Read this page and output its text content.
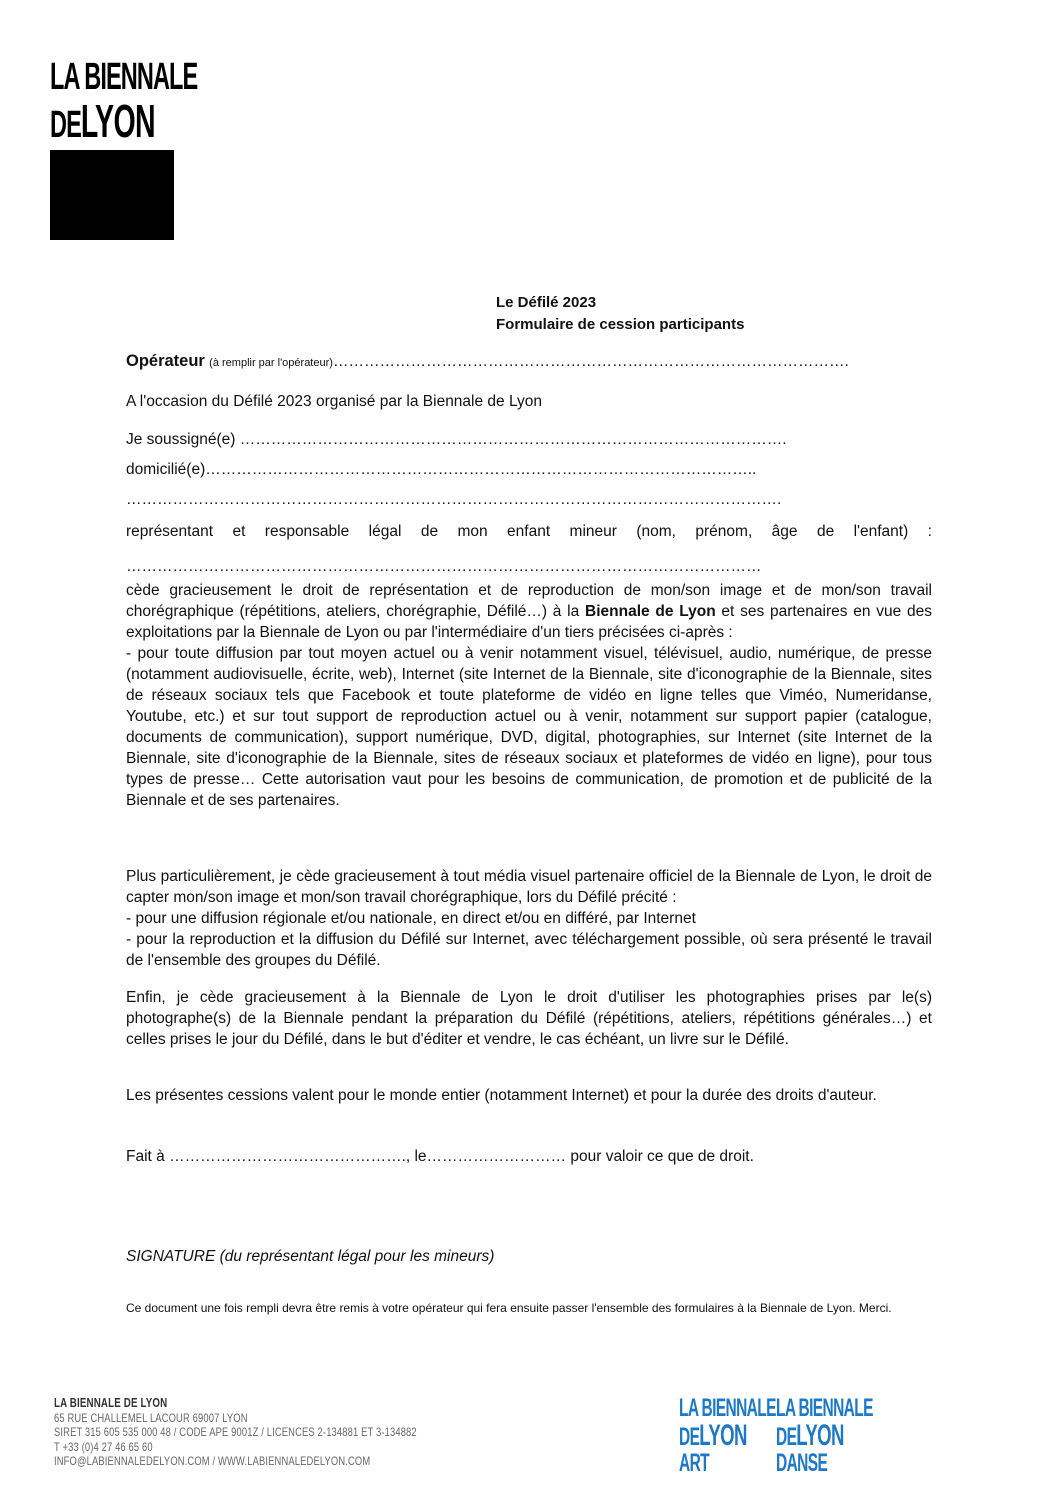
LA BIENNALE
DELYON
Le Défilé 2023
Formulaire de cession participants
Opérateur (à remplir par l'opérateur)……………………………………………………………………………………….
A l'occasion du Défilé 2023 organisé par la Biennale de Lyon
Je soussigné(e) …………………………………………………………………………………………….
domicilié(e)……………………………………………………………………………………………..
……………………………………………………………………………………………………………….

représentant et responsable légal de mon enfant mineur (nom, prénom, âge de l'enfant) :

……………………………………………………………………………………………………………

cède gracieusement le droit de représentation et de reproduction de mon/son image et de mon/son travail chorégraphique (répétitions, ateliers, chorégraphie, Défilé…) à la Biennale de Lyon et ses partenaires en vue des exploitations par la Biennale de Lyon ou par l'intermédiaire d'un tiers précisées ci-après :

- pour toute diffusion par tout moyen actuel ou à venir notamment visuel, télévisuel, audio, numérique, de presse (notamment audiovisuelle, écrite, web), Internet (site Internet de la Biennale, site d'iconographie de la Biennale, sites de réseaux sociaux tels que Facebook et toute plateforme de vidéo en ligne telles que Viméo, Numeridanse, Youtube, etc.) et sur tout support de reproduction actuel ou à venir, notamment sur support papier (catalogue, documents de communication), support numérique, DVD, digital, photographies, sur Internet (site Internet de la Biennale, site d'iconographie de la Biennale, sites de réseaux sociaux et plateformes de vidéo en ligne), pour tous types de presse… Cette autorisation vaut pour les besoins de communication, de promotion et de publicité de la Biennale et de ses partenaires.

Plus particulièrement, je cède gracieusement à tout média visuel partenaire officiel de la Biennale de Lyon, le droit de capter mon/son image et mon/son travail chorégraphique, lors du Défilé précité :

- pour une diffusion régionale et/ou nationale, en direct et/ou en différé, par Internet

- pour la reproduction et la diffusion du Défilé sur Internet, avec téléchargement possible, où sera présenté le travail de l'ensemble des groupes du Défilé.

Enfin, je cède gracieusement à la Biennale de Lyon le droit d'utiliser les photographies prises par le(s) photographe(s) de la Biennale pendant la préparation du Défilé (répétitions, ateliers, répétitions générales…) et celles prises le jour du Défilé, dans le but d'éditer et vendre, le cas échéant, un livre sur le Défilé.
Les présentes cessions valent pour le monde entier (notamment Internet) et pour la durée des droits d'auteur.
Fait à ………………………………………., le……………………… pour valoir ce que de droit.
SIGNATURE (du représentant légal pour les mineurs)
Ce document une fois rempli devra être remis à votre opérateur qui fera ensuite passer l'ensemble des formulaires à la Biennale de Lyon. Merci.
LA BIENNALE DE LYON
65 RUE CHALLEMEL LACOUR 69007 LYON
SIRET 315 605 535 000 48 / CODE APE 9001Z / LICENCES 2-134881 ET 3-134882
T +33 (0)4 27 46 65 60
INFO@LABIENNALEDELYON.COM / WWW.LABIENNALEDELYON.COM
LA BIENNALE
DELYON
ART
LA BIENNALE
DELYON
DANSE
